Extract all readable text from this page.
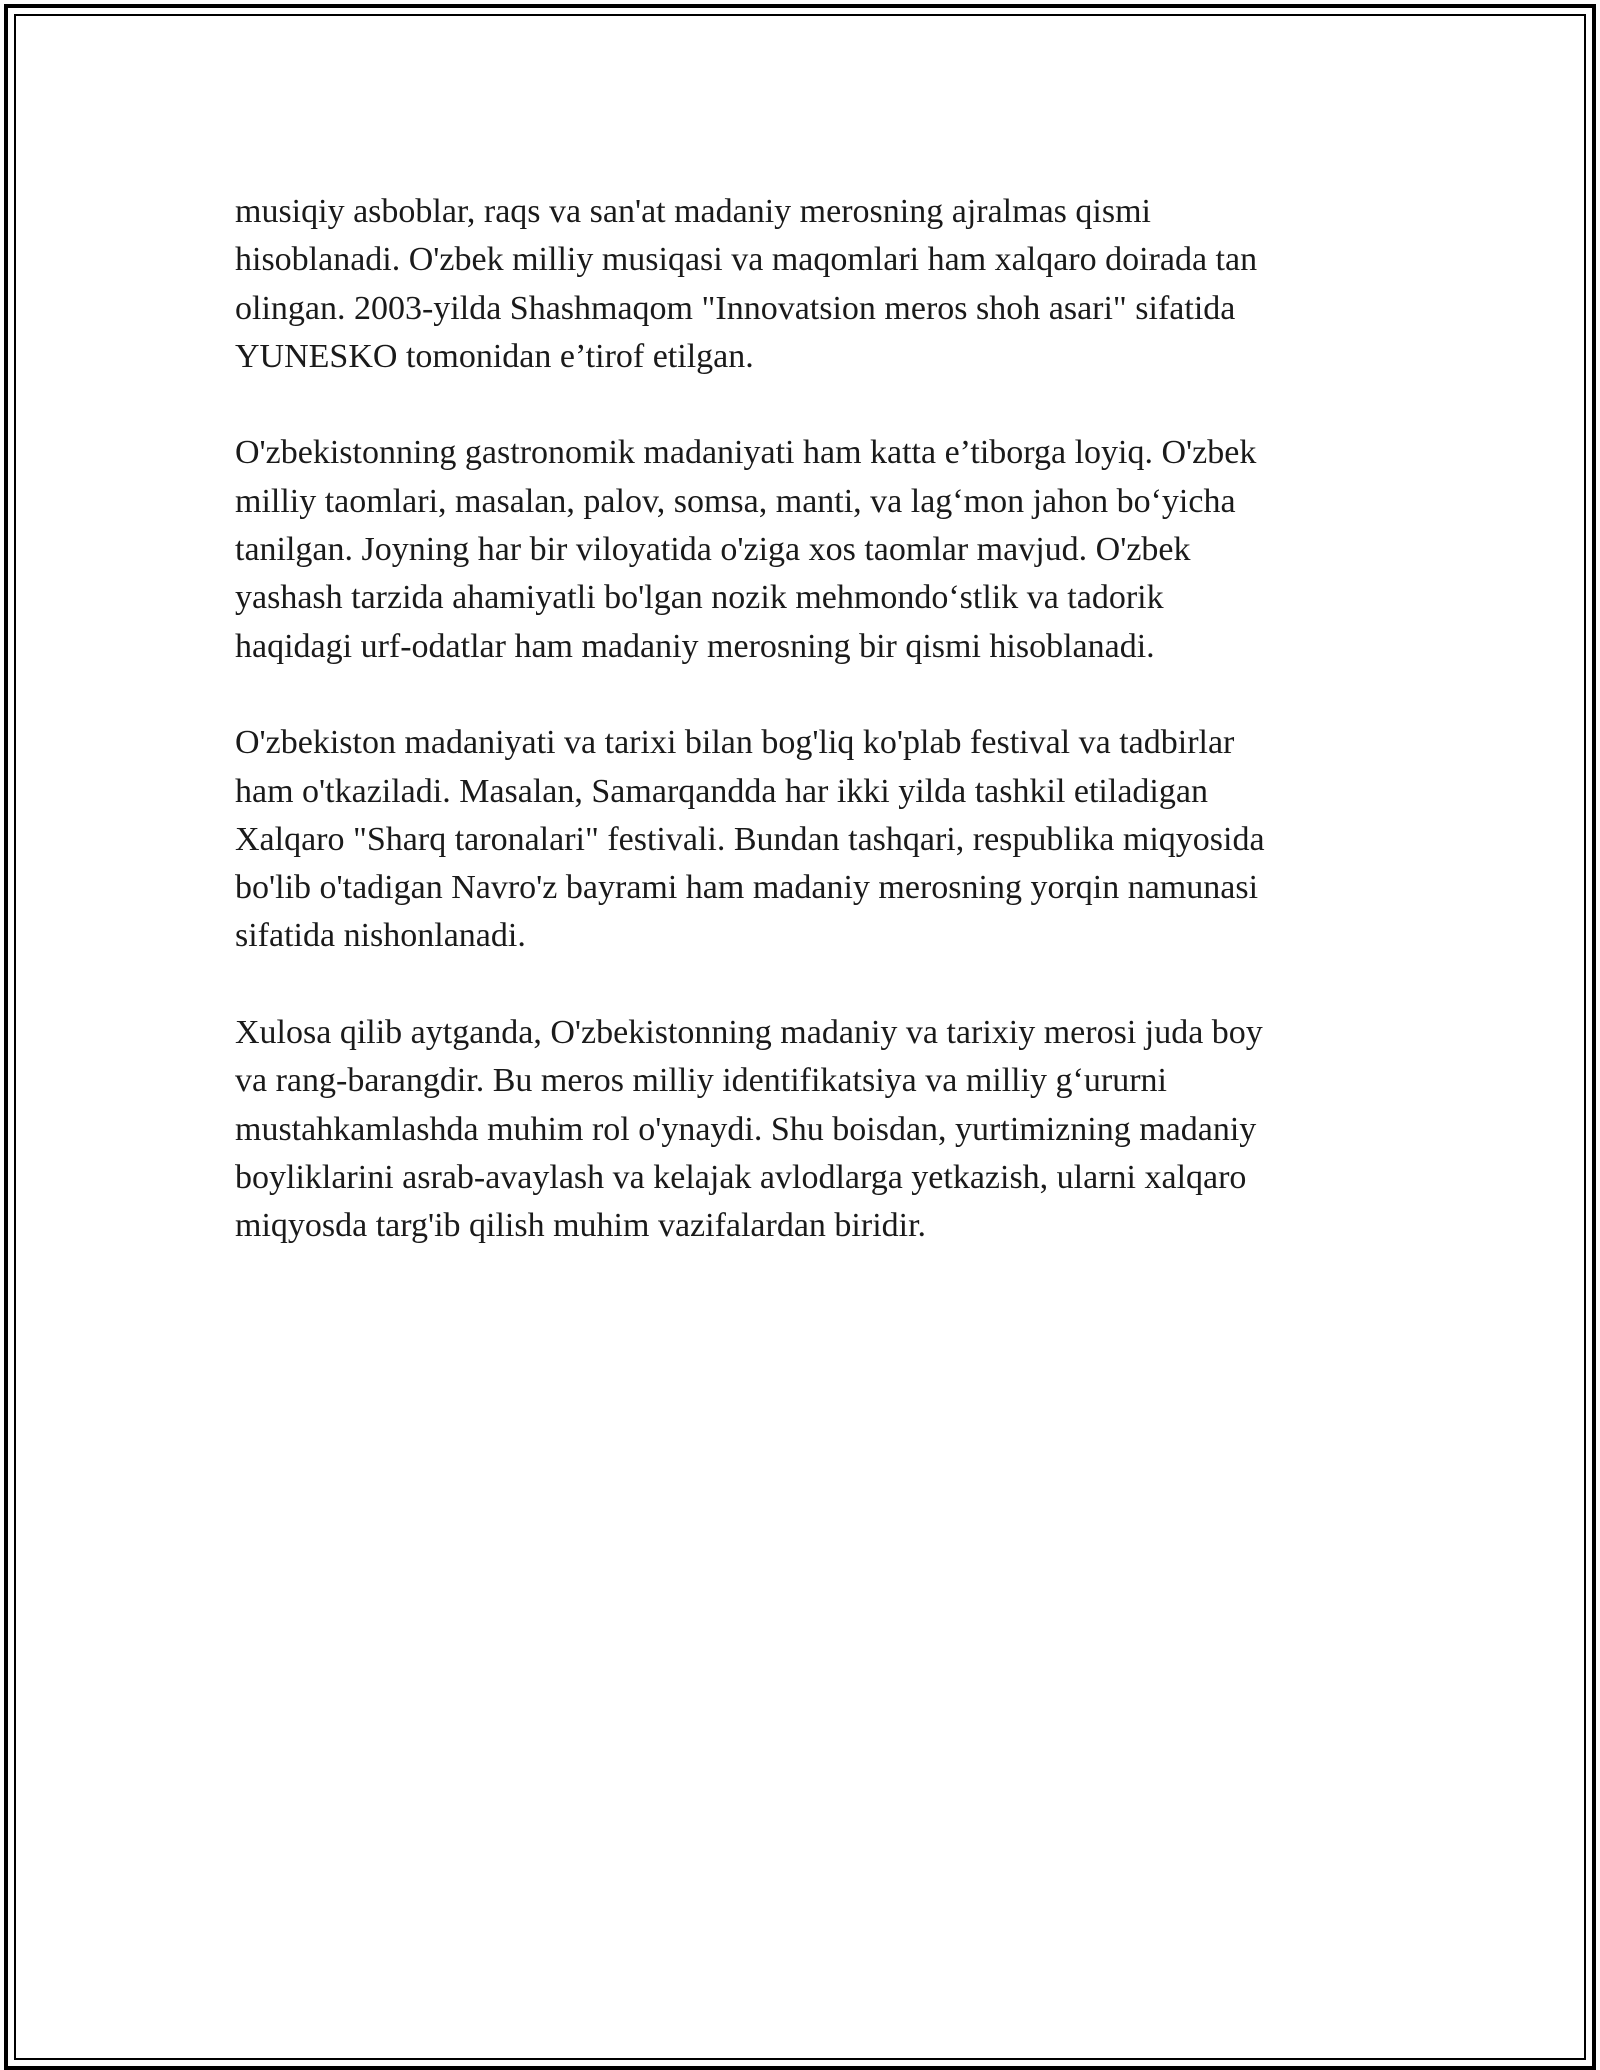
musiqiy asboblar, raqs va san'at madaniy merosning ajralmas qismi
hisoblanadi. O'zbek milliy musiqasi va maqomlari ham xalqaro doirada tan
olingan. 2003-yilda Shashmaqom "Innovatsion meros shoh asari" sifatida
YUNESKO tomonidan e’tirof etilgan.

O'zbekistonning gastronomik madaniyati ham katta e’tiborga loyiq. O'zbek
milliy taomlari, masalan, palov, somsa, manti, va lag‘mon jahon bo‘yicha
tanilgan. Joyning har bir viloyatida o'ziga xos taomlar mavjud. O'zbek
yashash tarzida ahamiyatli bo'lgan nozik mehmondo‘stlik va tadorik
haqidagi urf-odatlar ham madaniy merosning bir qismi hisoblanadi.

O'zbekiston madaniyati va tarixi bilan bog'liq ko'plab festival va tadbirlar
ham o'tkaziladi. Masalan, Samarqandda har ikki yilda tashkil etiladigan
Xalqaro "Sharq taronalari" festivali. Bundan tashqari, respublika miqyosida
bo'lib o'tadigan Navro'z bayrami ham madaniy merosning yorqin namunasi
sifatida nishonlanadi.

Xulosa qilib aytganda, O'zbekistonning madaniy va tarixiy merosi juda boy
va rang-barangdir. Bu meros milliy identifikatsiya va milliy g‘ururni
mustahkamlashda muhim rol o'ynaydi. Shu boisdan, yurtimizning madaniy
boyliklarini asrab-avaylash va kelajak avlodlarga yetkazish, ularni xalqaro
miqyosda targ'ib qilish muhim vazifalardan biridir.
